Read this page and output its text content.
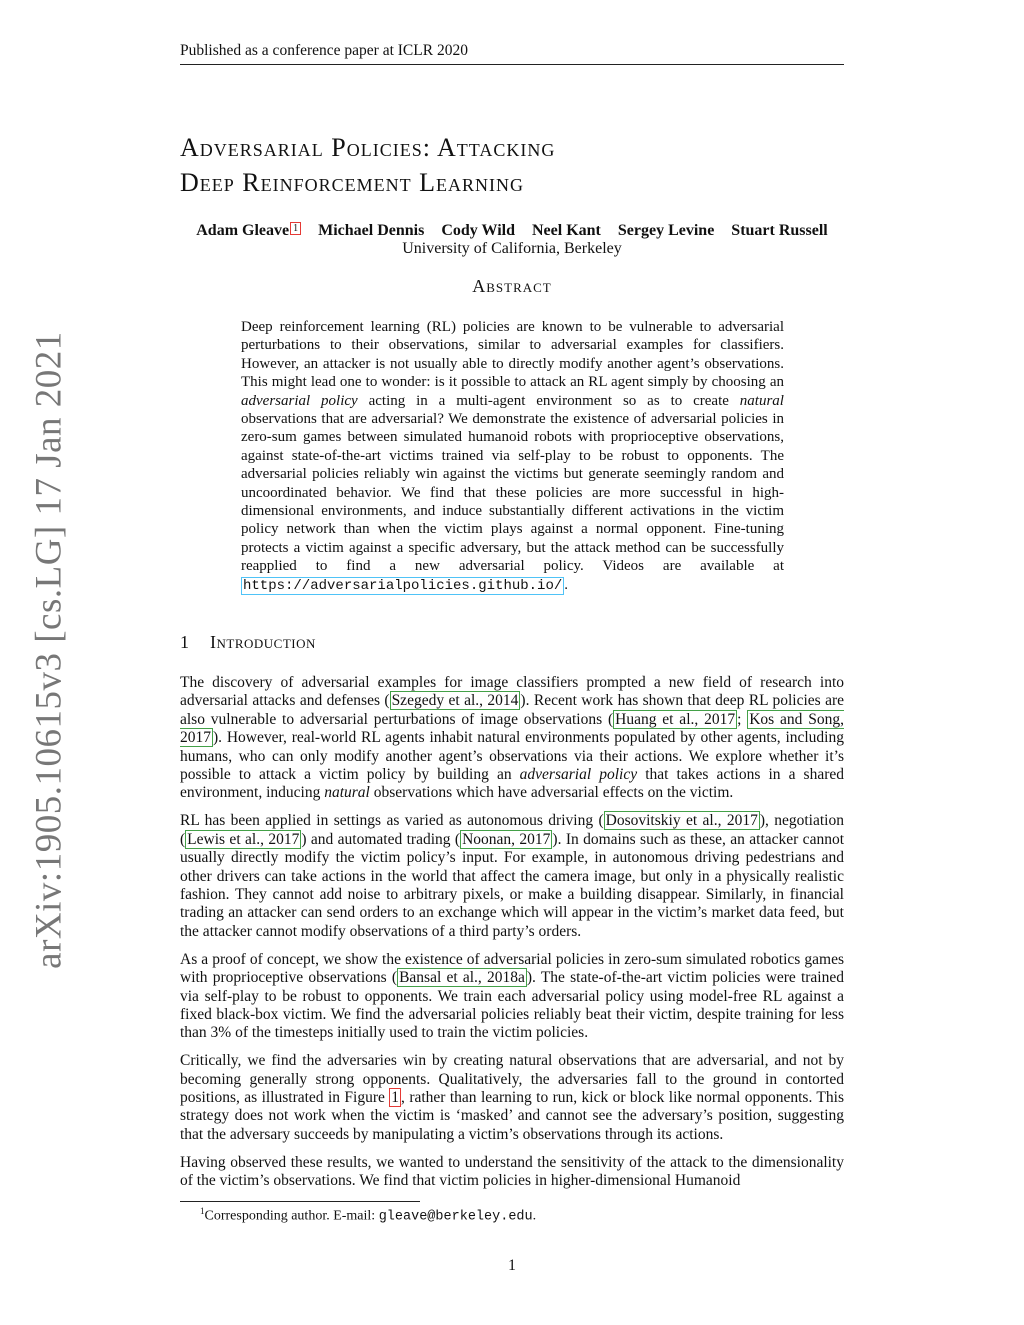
Published as a conference paper at ICLR 2020
arXiv:1905.10615v3 [cs.LG] 17 Jan 2021
Adversarial Policies: Attacking
Deep Reinforcement Learning
Adam Gleave 1 Michael Dennis Cody Wild Neel Kant Sergey Levine Stuart Russell
University of California, Berkeley
Abstract
Deep reinforcement learning (RL) policies are known to be vulnerable to adversarial perturbations to their observations, similar to adversarial examples for classifiers. However, an attacker is not usually able to directly modify another agent’s observations. This might lead one to wonder: is it possible to attack an RL agent simply by choosing an adversarial policy acting in a multi-agent environment so as to create natural observations that are adversarial? We demonstrate the existence of adversarial policies in zero-sum games between simulated humanoid robots with proprioceptive observations, against state-of-the-art victims trained via self-play to be robust to opponents. The adversarial policies reliably win against the victims but generate seemingly random and uncoordinated behavior. We find that these policies are more successful in high-dimensional environments, and induce substantially different activations in the victim policy network than when the victim plays against a normal opponent. Fine-tuning protects a victim against a specific adversary, but the attack method can be successfully reapplied to find a new adversarial policy. Videos are available at https://adversarialpolicies.github.io/ .
1 Introduction

The discovery of adversarial examples for image classifiers prompted a new field of research into adversarial attacks and defenses ( Szegedy et al., 2014 ). Recent work has shown that deep RL policies are also vulnerable to adversarial perturbations of image observations ( Huang et al., 2017 ; Kos and Song, 2017 ). However, real-world RL agents inhabit natural environments populated by other agents, including humans, who can only modify another agent’s observations via their actions. We explore whether it’s possible to attack a victim policy by building an adversarial policy that takes actions in a shared environment, inducing natural observations which have adversarial effects on the victim.

RL has been applied in settings as varied as autonomous driving ( Dosovitskiy et al., 2017 ), negotiation ( Lewis et al., 2017 ) and automated trading ( Noonan, 2017 ). In domains such as these, an attacker cannot usually directly modify the victim policy’s input. For example, in autonomous driving pedestrians and other drivers can take actions in the world that affect the camera image, but only in a physically realistic fashion. They cannot add noise to arbitrary pixels, or make a building disappear. Similarly, in financial trading an attacker can send orders to an exchange which will appear in the victim’s market data feed, but the attacker cannot modify observations of a third party’s orders.

As a proof of concept, we show the existence of adversarial policies in zero-sum simulated robotics games with proprioceptive observations ( Bansal et al., 2018a ). The state-of-the-art victim policies were trained via self-play to be robust to opponents. We train each adversarial policy using model-free RL against a fixed black-box victim. We find the adversarial policies reliably beat their victim, despite training for less than 3% of the timesteps initially used to train the victim policies.

Critically, we find the adversaries win by creating natural observations that are adversarial, and not by becoming generally strong opponents. Qualitatively, the adversaries fall to the ground in contorted positions, as illustrated in Figure 1 , rather than learning to run, kick or block like normal opponents. This strategy does not work when the victim is ‘masked’ and cannot see the adversary’s position, suggesting that the adversary succeeds by manipulating a victim’s observations through its actions.

Having observed these results, we wanted to understand the sensitivity of the attack to the dimensionality of the victim’s observations. We find that victim policies in higher-dimensional Humanoid

$^1$Corresponding author. E-mail: gleave@berkeley.edu.
1
